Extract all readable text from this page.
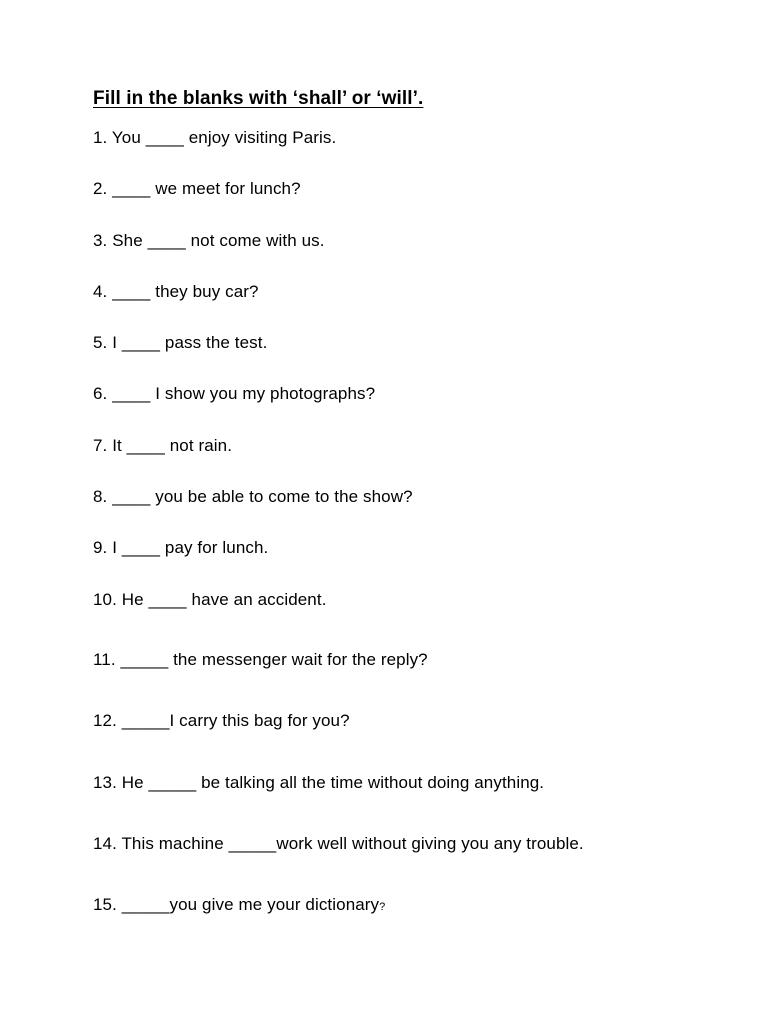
Fill in the blanks with ‘shall’ or ‘will’.
1. You ____ enjoy visiting Paris.
2. ____ we meet for lunch?
3. She ____ not come with us.
4. ____ they buy car?
5. I ____ pass the test.
6. ____ I show you my photographs?
7. It ____ not rain.
8. ____ you be able to come to the show?
9. I ____ pay for lunch.
10. He ____ have an accident.
11. _____ the messenger wait for the reply?
12. _____I carry this bag for you?
13. He _____ be talking all the time without doing anything.
14. This machine _____work well without giving you any trouble.
15. _____you give me your dictionary?
